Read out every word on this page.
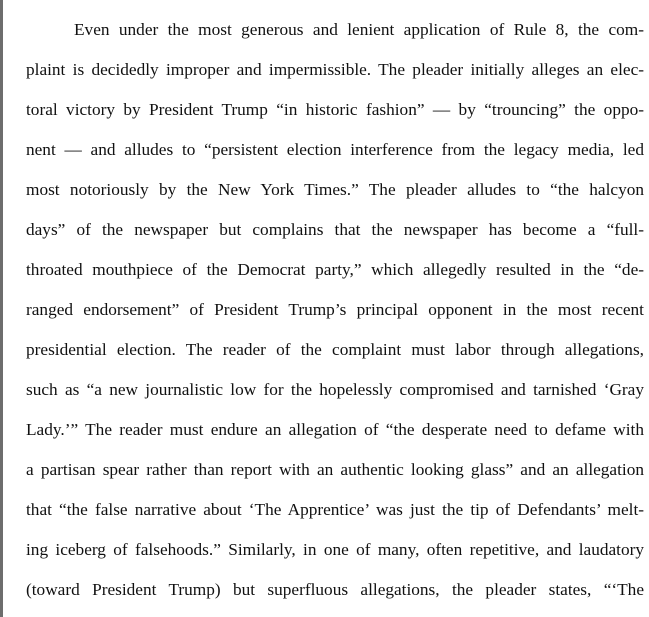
Even under the most generous and lenient application of Rule 8, the com-
plaint is decidedly improper and impermissible. The pleader initially alleges an elec-
toral victory by President Trump “in historic fashion” — by “trouncing” the oppo-
nent — and alludes to “persistent election interference from the legacy media, led
most notoriously by the New York Times.” The pleader alludes to “the halcyon
days” of the newspaper but complains that the newspaper has become a “full-
throated mouthpiece of the Democrat party,” which allegedly resulted in the “de-
ranged endorsement” of President Trump’s principal opponent in the most recent
presidential election. The reader of the complaint must labor through allegations,
such as “a new journalistic low for the hopelessly compromised and tarnished ‘Gray
Lady.’” The reader must endure an allegation of “the desperate need to defame with
a partisan spear rather than report with an authentic looking glass” and an allegation
that “the false narrative about ‘The Apprentice’ was just the tip of Defendants’ melt-
ing iceberg of falsehoods.” Similarly, in one of many, often repetitive, and laudatory
(toward President Trump) but superfluous allegations, the pleader states, “‘The
